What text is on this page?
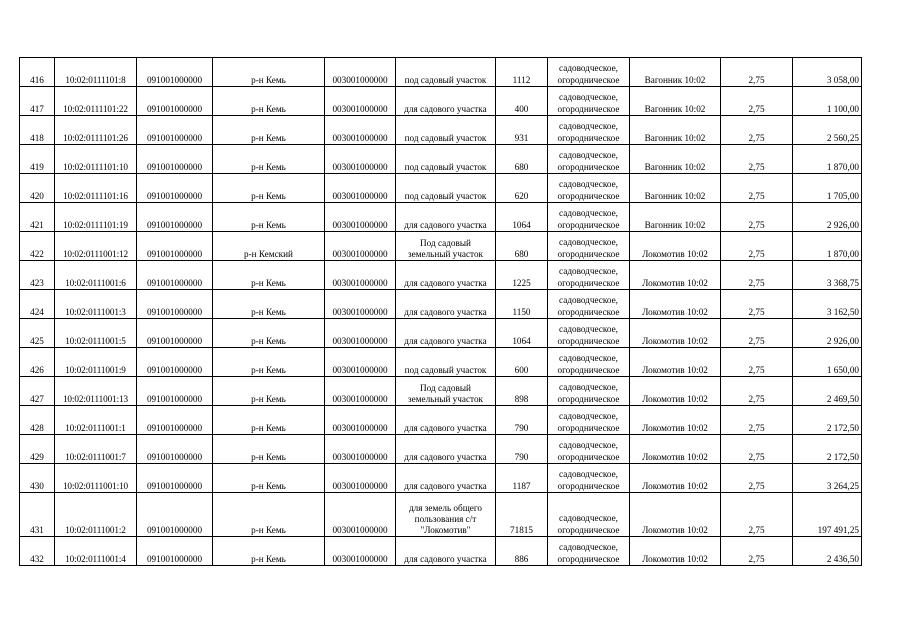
416	10:02:0111101:8	091001000000	р-н Кемь	003001000000	под садовый участок	1112	садоводческое, огородническое	Вагонник 10:02	2,75	3 058,00
417	10:02:0111101:22	091001000000	р-н Кемь	003001000000	для садового участка	400	садоводческое, огородническое	Вагонник 10:02	2,75	1 100,00
418	10:02:0111101:26	091001000000	р-н Кемь	003001000000	под садовый участок	931	садоводческое, огородническое	Вагонник 10:02	2,75	2 560,25
419	10:02:0111101:10	091001000000	р-н Кемь	003001000000	под садовый участок	680	садоводческое, огородническое	Вагонник 10:02	2,75	1 870,00
420	10:02:0111101:16	091001000000	р-н Кемь	003001000000	под садовый участок	620	садоводческое, огородническое	Вагонник 10:02	2,75	1 705,00
421	10:02:0111101:19	091001000000	р-н Кемь	003001000000	для садового участка	1064	садоводческое, огородническое	Вагонник 10:02	2,75	2 926,00
422	10:02:0111001:12	091001000000	р-н Кемский	003001000000	Под садовый земельный участок	680	садоводческое, огородническое	Локомотив 10:02	2,75	1 870,00
423	10:02:0111001:6	091001000000	р-н Кемь	003001000000	для садового участка	1225	садоводческое, огородническое	Локомотив 10:02	2,75	3 368,75
424	10:02:0111001:3	091001000000	р-н Кемь	003001000000	для садового участка	1150	садоводческое, огородническое	Локомотив 10:02	2,75	3 162,50
425	10:02:0111001:5	091001000000	р-н Кемь	003001000000	для садового участка	1064	садоводческое, огородническое	Локомотив 10:02	2,75	2 926,00
426	10:02:0111001:9	091001000000	р-н Кемь	003001000000	под садовый участок	600	садоводческое, огородническое	Локомотив 10:02	2,75	1 650,00
427	10:02:0111001:13	091001000000	р-н Кемь	003001000000	Под садовый земельный участок	898	садоводческое, огородническое	Локомотив 10:02	2,75	2 469,50
428	10:02:0111001:1	091001000000	р-н Кемь	003001000000	для садового участка	790	садоводческое, огородническое	Локомотив 10:02	2,75	2 172,50
429	10:02:0111001:7	091001000000	р-н Кемь	003001000000	для садового участка	790	садоводческое, огородническое	Локомотив 10:02	2,75	2 172,50
430	10:02:0111001:10	091001000000	р-н Кемь	003001000000	для садового участка	1187	садоводческое, огородническое	Локомотив 10:02	2,75	3 264,25
431	10:02:0111001:2	091001000000	р-н Кемь	003001000000	для земель общего пользования с/т "Локомотив"	71815	садоводческое, огородническое	Локомотив 10:02	2,75	197 491,25
432	10:02:0111001:4	091001000000	р-н Кемь	003001000000	для садового участка	886	садоводческое, огородническое	Локомотив 10:02	2,75	2 436,50
